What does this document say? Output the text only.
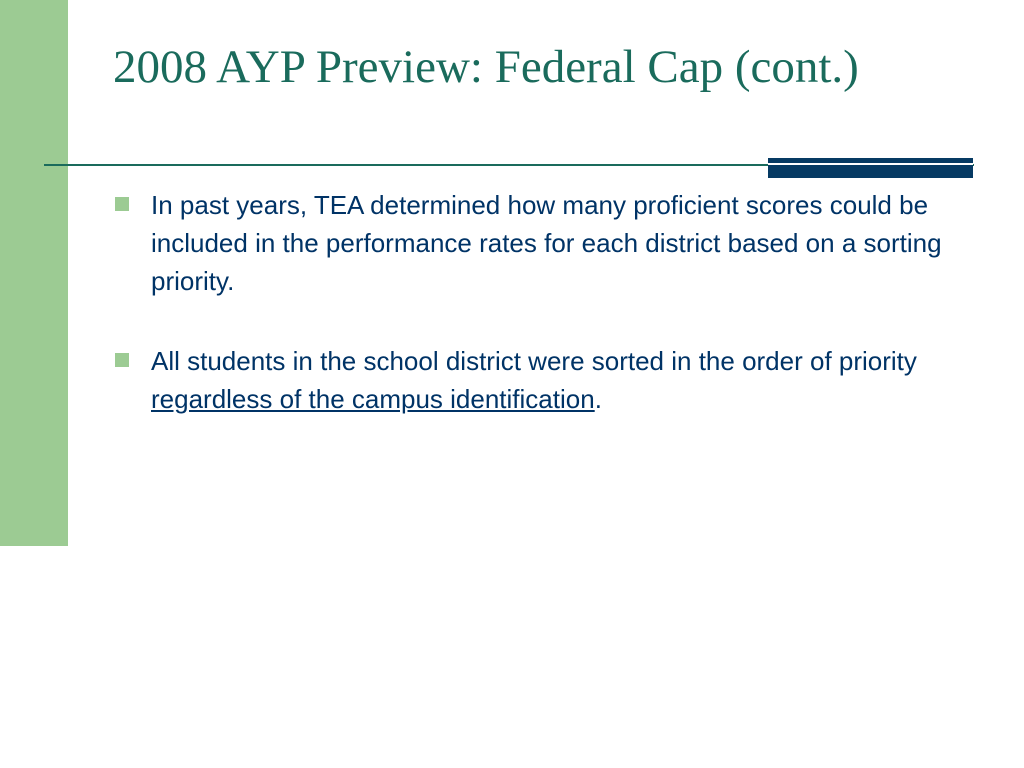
2008 AYP Preview: Federal Cap (cont.)
In past years, TEA determined how many proficient scores could be included in the performance rates for each district based on a sorting priority.
All students in the school district were sorted in the order of priority regardless of the campus identification.
